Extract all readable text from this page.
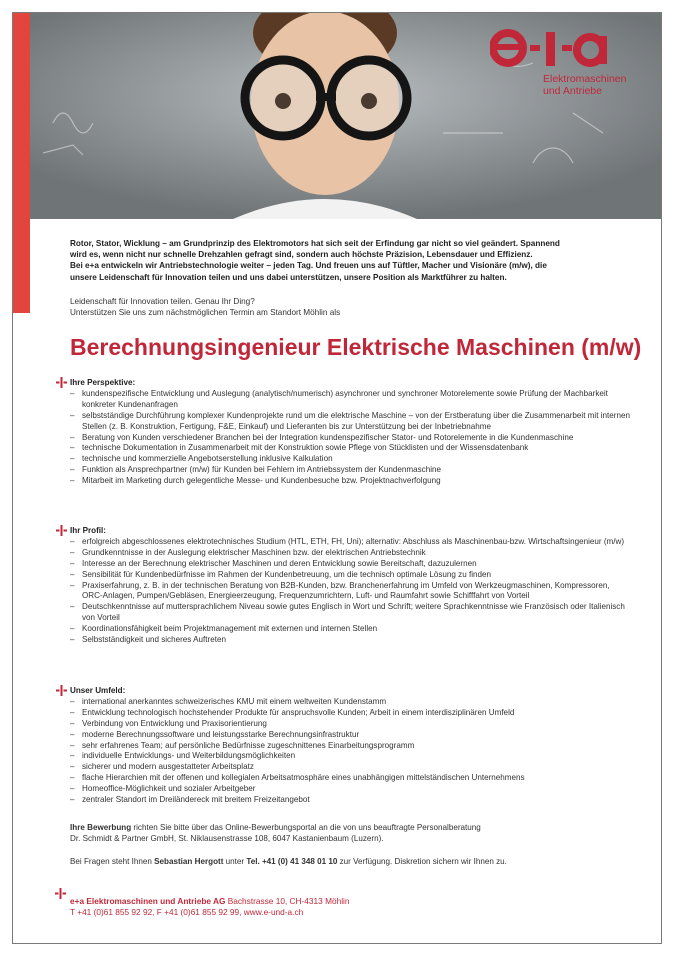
Elektromaschinen
und Antriebe

Rotor, Stator, Wicklung – am Grundprinzip des Elektromotors hat sich seit der Erfindung gar nicht so viel geändert. Spannend

wird es, wenn nicht nur schnelle Drehzahlen gefragt sind, sondern auch höchste Präzision, Lebensdauer und Effizienz.

Bei e+a entwickeln wir Antriebstechnologie weiter – jeden Tag. Und freuen uns auf Tüftler, Macher und Visionäre (m/w), die

unsere Leidenschaft für Innovation teilen und uns dabei unterstützen, unsere Position als Marktführer zu halten.

Leidenschaft für Innovation teilen. Genau Ihr Ding?

Unterstützen Sie uns zum nächstmöglichen Termin am Standort Möhlin als

Berechnungsingenieur Elektrische Maschinen (m/w)

Ihre Perspektive:

– kundenspezifische Entwicklung und Auslegung (analytisch/numerisch) asynchroner und synchroner Motorelemente sowie Prüfung der Machbarkeit konkreter Kundenanfragen
– selbstständige Durchführung komplexer Kundenprojekte rund um die elektrische Maschine – von der Erstberatung über die Zusammenarbeit mit internen Stellen (z. B. Konstruktion, Fertigung, F&E, Einkauf) und Lieferanten bis zur Unterstützung bei der Inbetriebnahme
– Beratung von Kunden verschiedener Branchen bei der Integration kundenspezifischer Stator- und Rotorelemente in die Kundenmaschine
– technische Dokumentation in Zusammenarbeit mit der Konstruktion sowie Pflege von Stücklisten und der Wissensdatenbank
– technische und kommerzielle Angebotserstellung inklusive Kalkulation
– Funktion als Ansprechpartner (m/w) für Kunden bei Fehlern im Antriebssystem der Kundenmaschine
– Mitarbeit im Marketing durch gelegentliche Messe- und Kundenbesuche bzw. Projektnachverfolgung

Ihr Profil:

– erfolgreich abgeschlossenes elektrotechnisches Studium (HTL, ETH, FH, Uni); alternativ: Abschluss als Maschinenbau-bzw. Wirtschaftsingenieur (m/w)
– Grundkenntnisse in der Auslegung elektrischer Maschinen bzw. der elektrischen Antriebstechnik
– Interesse an der Berechnung elektrischer Maschinen und deren Entwicklung sowie Bereitschaft, dazuzulernen
– Sensibilität für Kundenbedürfnisse im Rahmen der Kundenbetreuung, um die technisch optimale Lösung zu finden
– Praxiserfahrung, z. B. in der technischen Beratung von B2B-Kunden, bzw. Branchenerfahrung im Umfeld von Werkzeugmaschinen, Kompressoren, ORC-Anlagen, Pumpen/Gebläsen, Energieerzeugung, Frequenzumrichtern, Luft- und Raumfahrt sowie Schifffahrt von Vorteil
– Deutschkenntnisse auf muttersprachlichem Niveau sowie gutes Englisch in Wort und Schrift; weitere Sprachkenntnisse wie Französisch oder Italienisch von Vorteil
– Koordinationsfähigkeit beim Projektmanagement mit externen und internen Stellen
– Selbstständigkeit und sicheres Auftreten

Unser Umfeld:

– international anerkanntes schweizerisches KMU mit einem weltweiten Kundenstamm
– Entwicklung technologisch hochstehender Produkte für anspruchsvolle Kunden; Arbeit in einem interdisziplinären Umfeld
– Verbindung von Entwicklung und Praxisorientierung
– moderne Berechnungssoftware und leistungsstarke Berechnungsinfrastruktur
– sehr erfahrenes Team; auf persönliche Bedürfnisse zugeschnittenes Einarbeitungsprogramm
– individuelle Entwicklungs- und Weiterbildungsmöglichkeiten
– sicherer und modern ausgestatteter Arbeitsplatz
– flache Hierarchien mit der offenen und kollegialen Arbeitsatmosphäre eines unabhängigen mittelständischen Unternehmens
– Homeoffice-Möglichkeit und sozialer Arbeitgeber
– zentraler Standort im Dreiländereck mit breitem Freizeitangebot

Ihre Bewerbung richten Sie bitte über das Online-Bewerbungsportal an die von uns beauftragte Personalberatung

Dr. Schmidt & Partner GmbH, St. Niklausenstrasse 108, 6047 Kastanienbaum (Luzern).

Bei Fragen steht Ihnen Sebastian Hergott unter Tel. +41 (0) 41 348 01 10 zur Verfügung. Diskretion sichern wir Ihnen zu.

e+a Elektromaschinen und Antriebe AG Bachstrasse 10, CH-4313 Möhlin

T +41 (0)61 855 92 92, F +41 (0)61 855 92 99, www.e-und-a.ch
